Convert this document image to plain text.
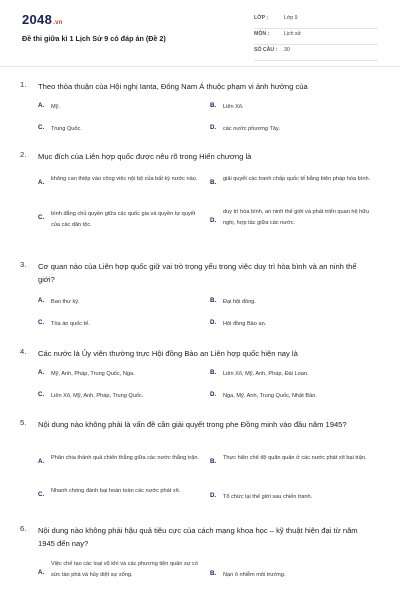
2048.vn
Đề thi giữa kì 1 Lịch Sử 9 có đáp án (Đề 2)
LỚP :	Lớp 9
MÔN :	Lịch sử
SỐ CÂU : 30
1. Theo thỏa thuận của Hội nghị Ianta, Đông Nam Á thuộc phạm vi ảnh hưởng của
A. Mỹ.	B. Liên Xô.
C. Trung Quốc.	D. các nước phương Tây.
2. Mục đích của Liên hợp quốc được nêu rõ trong Hiến chương là
A. không can thiệp vào công việc nội bộ của bất kỳ nước nào.	B. giải quyết các tranh chấp quốc tế bằng biện pháp hòa bình.
C. bình đẳng chủ quyền giữa các quốc gia và quyền tự quyết của các dân tộc.
D.
duy trì hòa bình, an ninh thế giới và phát triển quan hệ hữu nghị, hợp tác giữa các nước.
3. Cơ quan nào của Liên hợp quốc giữ vai trò trọng yếu trong việc duy trì hòa bình và an ninh thế giới?
A. Ban thư ký.	B. Đại hội đồng.
C. Tòa án quốc tế.	D. Hội đồng Bảo an.
4. Các nước là Ủy viên thường trực Hội đồng Bảo an Liên hợp quốc hiện nay là
A. Mỹ, Anh, Pháp, Trung Quốc, Nga.	B. Liên Xô, Mỹ, Anh, Pháp, Đài Loan.
C. Liên Xô, Mỹ, Anh, Pháp, Trung Quốc.	D. Nga, Mỹ, Anh, Trung Quốc, Nhật Bản.
5. Nội dung nào không phải là vấn đề cần giải quyết trong phe Đồng minh vào đầu năm 1945?
A. Phân chia thành quả chiến thắng giữa các nước thắng trận.	B. Thực hiện chế độ quân quản ở các nước phát xít bại trận.
C. Nhanh chóng đánh bại hoàn toàn các nước phát xít.
D. Tổ chức lại thế giới sau chiến tranh.
6. Nội dung nào không phải hậu quả tiêu cực của cách mạng khoa học – kỹ thuật hiện đại từ năm 1945 đến nay?
A.
Việc chế tạo các loại vũ khí và các phương tiện quân sự có sức tàn phá và hủy diệt sự sống.	B. Nạn ô nhiễm môi trường.
